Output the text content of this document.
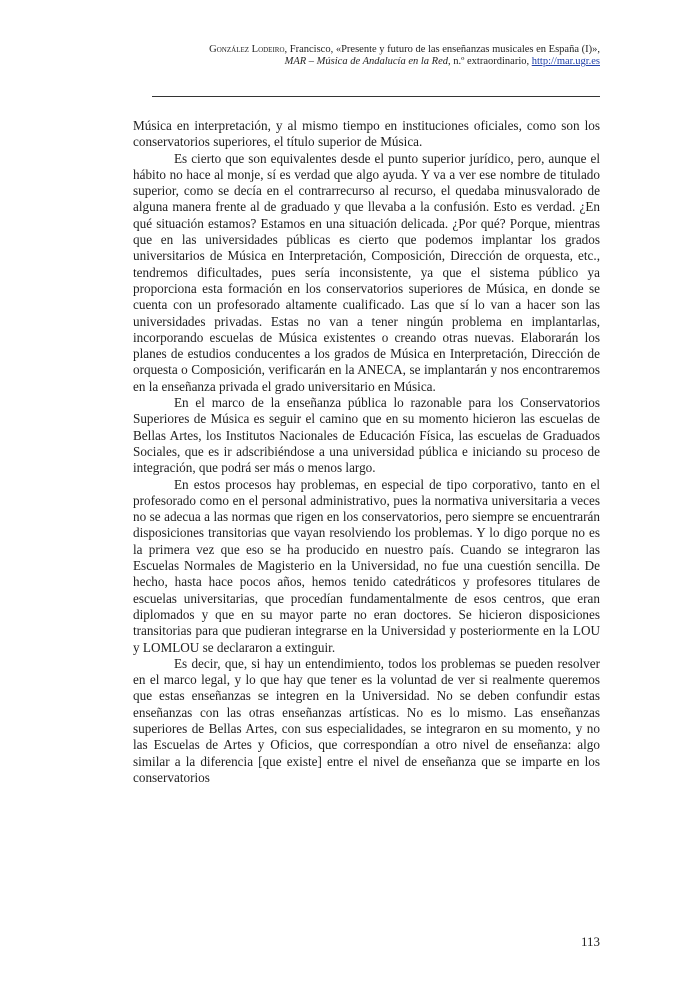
González Lodeiro, Francisco, «Presente y futuro de las enseñanzas musicales en España (I)»,
MAR – Música de Andalucía en la Red, n.º extraordinario, http://mar.ugr.es

Música en interpretación, y al mismo tiempo en instituciones oficiales, como son los conservatorios superiores, el título superior de Música.

Es cierto que son equivalentes desde el punto superior jurídico, pero, aunque el hábito no hace al monje, sí es verdad que algo ayuda. Y va a ver ese nombre de titulado superior, como se decía en el contrarrecurso al recurso, el quedaba minusvalorado de alguna manera frente al de graduado y que llevaba a la confusión. Esto es verdad. ¿En qué situación estamos? Estamos en una situación delicada. ¿Por qué? Porque, mientras que en las universidades públicas es cierto que podemos implantar los grados universitarios de Música en Interpretación, Composición, Dirección de orquesta, etc., tendremos dificultades, pues sería inconsistente, ya que el sistema público ya proporciona esta formación en los conservatorios superiores de Música, en donde se cuenta con un profesorado altamente cualificado. Las que sí lo van a hacer son las universidades privadas. Estas no van a tener ningún problema en implantarlas, incorporando escuelas de Música existentes o creando otras nuevas. Elaborarán los planes de estudios conducentes a los grados de Música en Interpretación, Dirección de orquesta o Composición, verificarán en la ANECA, se implantarán y nos encontraremos en la enseñanza privada el grado universitario en Música.

En el marco de la enseñanza pública lo razonable para los Conservatorios Superiores de Música es seguir el camino que en su momento hicieron las escuelas de Bellas Artes, los Institutos Nacionales de Educación Física, las escuelas de Graduados Sociales, que es ir adscribiéndose a una universidad pública e iniciando su proceso de integración, que podrá ser más o menos largo.

En estos procesos hay problemas, en especial de tipo corporativo, tanto en el profesorado como en el personal administrativo, pues la normativa universitaria a veces no se adecua a las normas que rigen en los conservatorios, pero siempre se encuentrarán disposiciones transitorias que vayan resolviendo los problemas. Y lo digo porque no es la primera vez que eso se ha producido en nuestro país. Cuando se integraron las Escuelas Normales de Magisterio en la Universidad, no fue una cuestión sencilla. De hecho, hasta hace pocos años, hemos tenido catedráticos y profesores titulares de escuelas universitarias, que procedían fundamentalmente de esos centros, que eran diplomados y que en su mayor parte no eran doctores. Se hicieron disposiciones transitorias para que pudieran integrarse en la Universidad y posteriormente en la LOU y LOMLOU se declararon a extinguir.

Es decir, que, si hay un entendimiento, todos los problemas se pueden resolver en el marco legal, y lo que hay que tener es la voluntad de ver si realmente queremos que estas enseñanzas se integren en la Universidad. No se deben confundir estas enseñanzas con las otras enseñanzas artísticas. No es lo mismo. Las enseñanzas superiores de Bellas Artes, con sus especialidades, se integraron en su momento, y no las Escuelas de Artes y Oficios, que correspondían a otro nivel de enseñanza: algo similar a la diferencia [que existe] entre el nivel de enseñanza que se imparte en los conservatorios

113
